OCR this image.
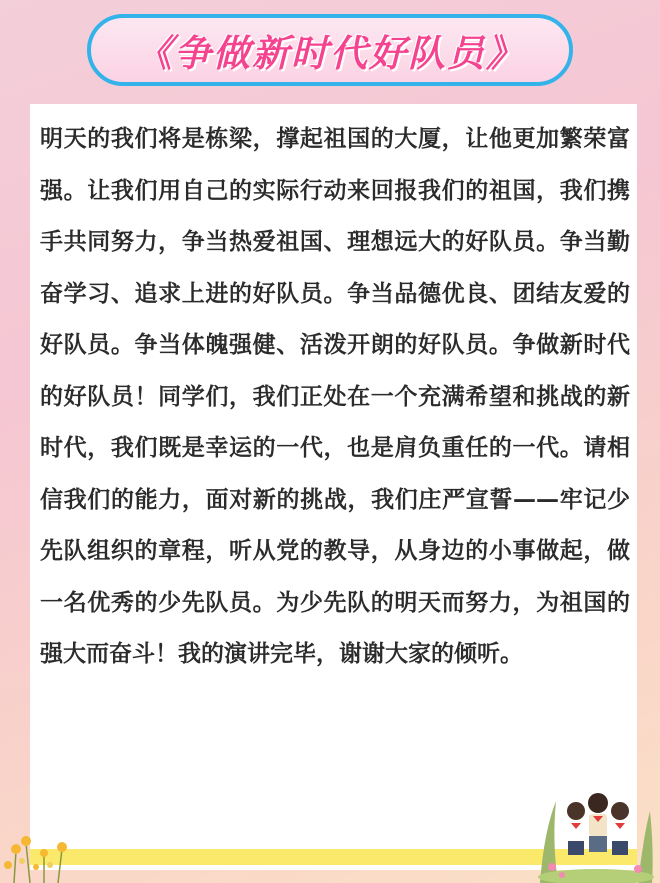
《争做新时代好队员》
明天的我们将是栋梁，撑起祖国的大厦，让他更加繁荣富强。让我们用自己的实际行动来回报我们的祖国，我们携手共同努力，争当热爱祖国、理想远大的好队员。争当勤奋学习、追求上进的好队员。争当品德优良、团结友爱的好队员。争当体魄强健、活泼开朗的好队员。争做新时代的好队员！同学们，我们正处在一个充满希望和挑战的新时代，我们既是幸运的一代，也是肩负重任的一代。请相信我们的能力，面对新的挑战，我们庄严宣誓——牢记少先队组织的章程，听从党的教导，从身边的小事做起，做一名优秀的少先队员。为少先队的明天而努力，为祖国的强大而奋斗！我的演讲完毕，谢谢大家的倾听。
